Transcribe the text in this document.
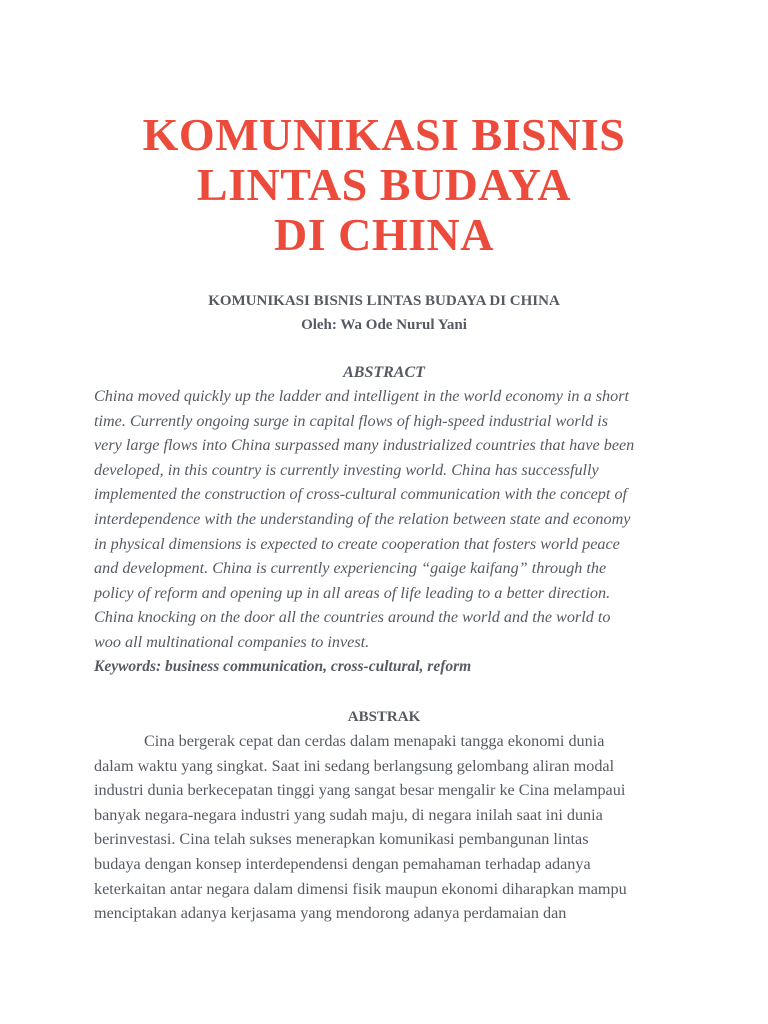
KOMUNIKASI BISNIS
LINTAS BUDAYA
DI CHINA
KOMUNIKASI BISNIS LINTAS BUDAYA DI CHINA
Oleh: Wa Ode Nurul Yani
ABSTRACT

China moved quickly up the ladder and intelligent in the world economy in a short
time. Currently ongoing surge in capital flows of high-speed industrial world is
very large flows into China surpassed many industrialized countries that have been
developed, in this country is currently investing world. China has successfully
implemented the construction of cross-cultural communication with the concept of
interdependence with the understanding of the relation between state and economy
in physical dimensions is expected to create cooperation that fosters world peace
and development. China is currently experiencing “gaige kaifang” through the
policy of reform and opening up in all areas of life leading to a better direction.
China knocking on the door all the countries around the world and the world to
woo all multinational companies to invest.

Keywords: business communication, cross-cultural, reform
ABSTRAK

Cina bergerak cepat dan cerdas dalam menapaki tangga ekonomi dunia
dalam waktu yang singkat. Saat ini sedang berlangsung gelombang aliran modal
industri dunia berkecepatan tinggi yang sangat besar mengalir ke Cina melampaui
banyak negara-negara industri yang sudah maju, di negara inilah saat ini dunia
berinvestasi. Cina telah sukses menerapkan komunikasi pembangunan lintas
budaya dengan konsep interdependensi dengan pemahaman terhadap adanya
keterkaitan antar negara dalam dimensi fisik maupun ekonomi diharapkan mampu
menciptakan adanya kerjasama yang mendorong adanya perdamaian dan
